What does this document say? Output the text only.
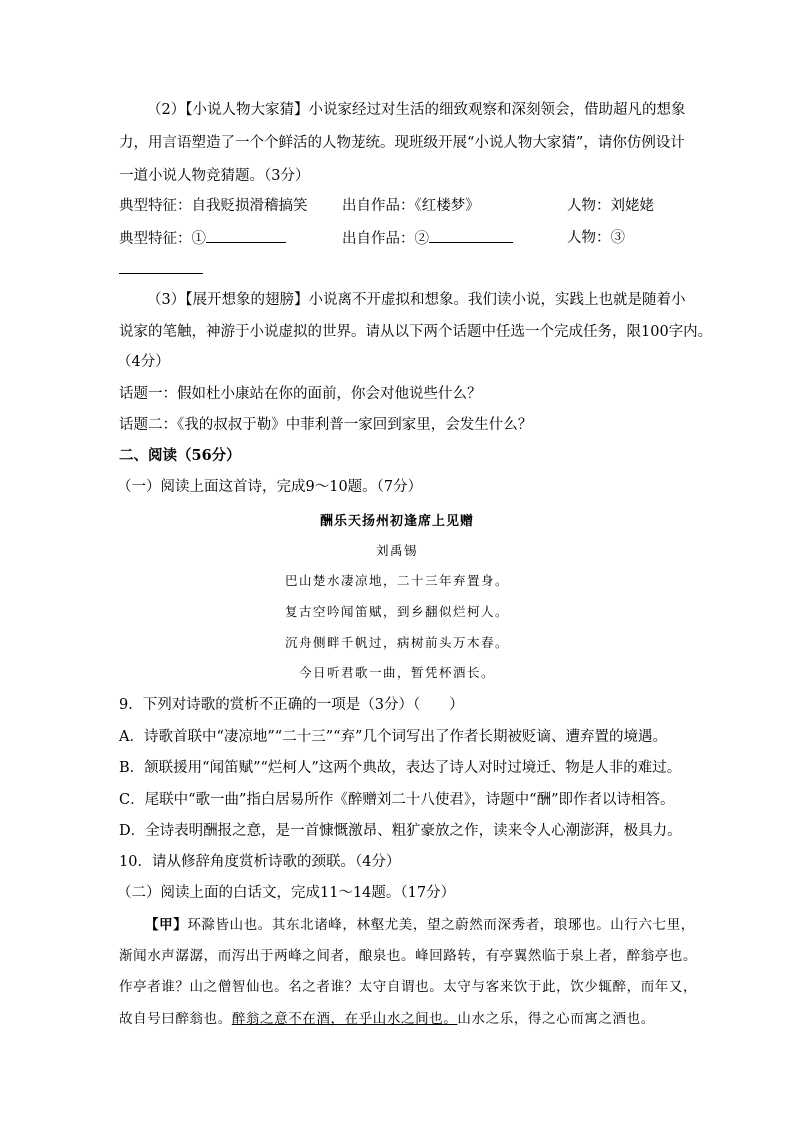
（2）【小说人物大家猜】小说家经过对生活的细致观察和深刻领会，借助超凡的想象
力，用言语塑造了一个个鲜活的人物茏统。现班级开展“小说人物大家猜”，请你仿例设计
一道小说人物竞猜题。（3分）
典型特征：自我贬损滑稽搞笑 出自作品：《红楼梦》	人物：刘姥姥
典型特征：①	出自作品：②	人物：③
（3）【展开想象的翅膀】小说离不开虚拟和想象。我们读小说，实践上也就是随着小
说家的笔触，神游于小说虚拟的世界。请从以下两个话题中任选一个完成任务，限100字内。
（4分）
话题一：假如杜小康站在你的面前，你会对他说些什么？
话题二：《我的叔叔于勒》中菲利普一家回到家里，会发生什么？
二、阅读（56分）
（一）阅读上面这首诗，完成9～10题。（7分）
酬乐天扬州初逢席上见赠
刘禹锡
巴山楚水凄凉地，二十三年弃置身。
复古空吟闻笛赋，到乡翻似烂柯人。
沉舟侧畔千帆过，病树前头万木春。
今日听君歌一曲，暂凭杯酒长。
9．下列对诗歌的赏析不正确的一项是（3分）（　　）
A．诗歌首联中“凄凉地”“二十三”“弃”几个词写出了作者长期被贬谪、遭弃置的境遇。
B．颔联援用“闻笛赋”“烂柯人”这两个典故，表达了诗人对时过境迁、物是人非的难过。
C．尾联中“歌一曲”指白居易所作《醉赠刘二十八使君》，诗题中“酬”即作者以诗相答。
D．全诗表明酬报之意，是一首慷慨激昂、粗犷豪放之作，读来令人心潮澎湃，极具力。
10．请从修辞角度赏析诗歌的颈联。（4分）
（二）阅读上面的白话文，完成11～14题。（17分）
【甲】环滁皆山也。其东北诸峰，林壑尤美，望之蔚然而深秀者，琅琊也。山行六七里，
渐闻水声潺潺，而泻出于两峰之间者，酿泉也。峰回路转，有亭翼然临于泉上者，醉翁亭也。
作亭者谁？山之僧智仙也。名之者谁？太守自谓也。太守与客来饮于此，饮少辄醉，而年又，
故自号曰醉翁也。醉翁之意不在酒，在乎山水之间也。山水之乐，得之心而寓之酒也。
